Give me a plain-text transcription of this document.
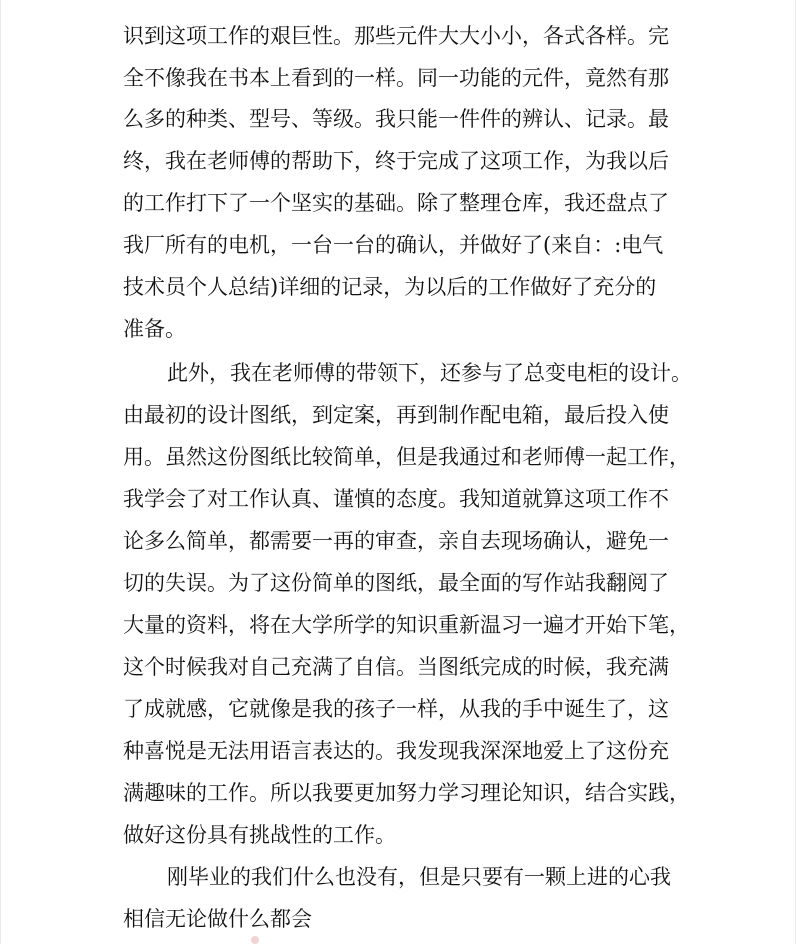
识到这项工作的艰巨性。那些元件大大小小，各式各样。完
全不像我在书本上看到的一样。同一功能的元件，竟然有那
么多的种类、型号、等级。我只能一件件的辨认、记录。最
终，我在老师傅的帮助下，终于完成了这项工作，为我以后
的工作打下了一个坚实的基础。除了整理仓库，我还盘点了
我厂所有的电机，一台一台的确认，并做好了(来自：:电气
技术员个人总结)详细的记录，为以后的工作做好了充分的
准备。
此外，我在老师傅的带领下，还参与了总变电柜的设计。
由最初的设计图纸，到定案，再到制作配电箱，最后投入使
用。虽然这份图纸比较简单，但是我通过和老师傅一起工作，
我学会了对工作认真、谨慎的态度。我知道就算这项工作不
论多么简单，都需要一再的审查，亲自去现场确认，避免一
切的失误。为了这份简单的图纸，最全面的写作站我翻阅了
大量的资料，将在大学所学的知识重新温习一遍才开始下笔，
这个时候我对自己充满了自信。当图纸完成的时候，我充满
了成就感，它就像是我的孩子一样，从我的手中诞生了，这
种喜悦是无法用语言表达的。我发现我深深地爱上了这份充
满趣味的工作。所以我要更加努力学习理论知识，结合实践，
做好这份具有挑战性的工作。
刚毕业的我们什么也没有，但是只要有一颗上进的心我
相信无论做什么都会
